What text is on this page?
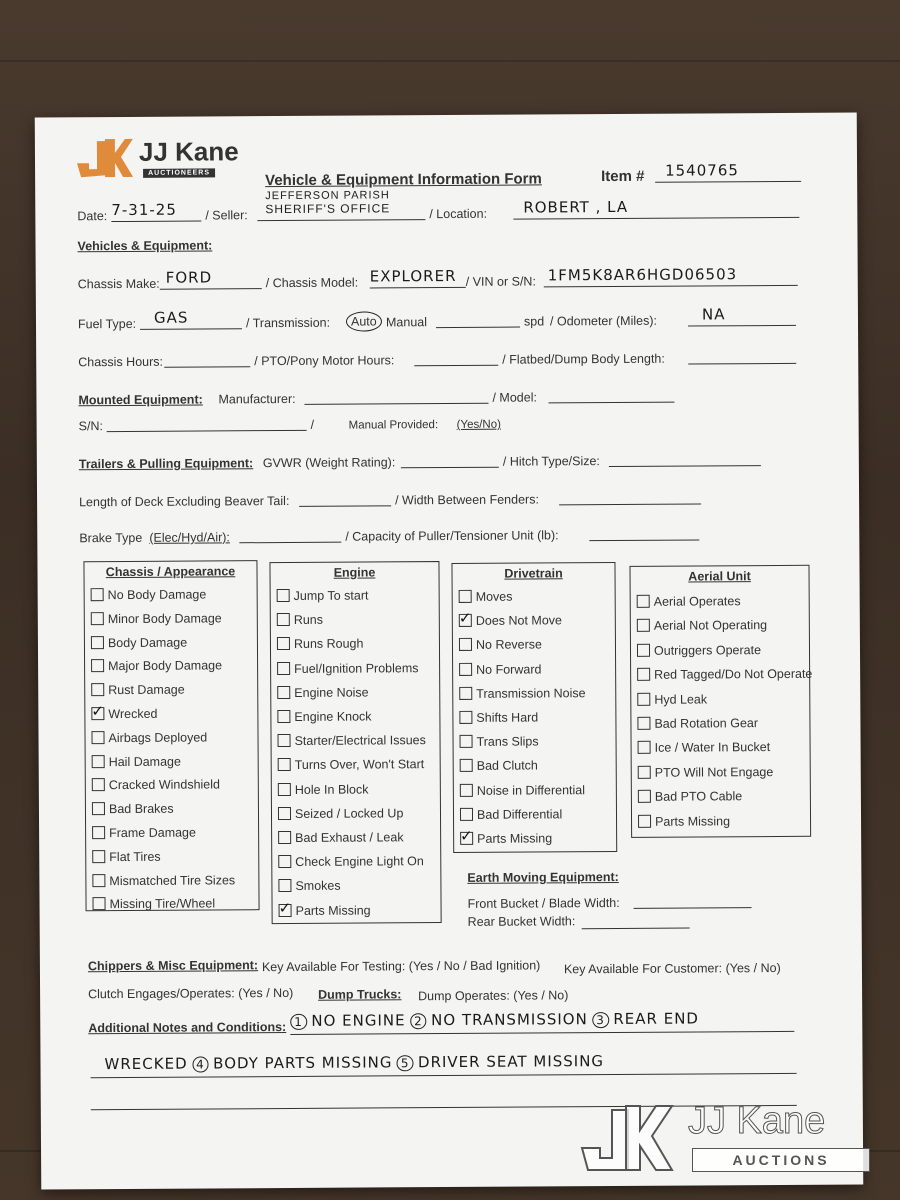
JJ Kane
AUCTIONEERS	Vehicle & Equipment Information Form	Item #	1540765
Date: 7-31-25	/ Seller:
JEFFERSON PARISH
SHERIFF'S OFFICE	/ Location:	ROBERT , LA
Vehicles & Equipment:
Chassis Make: FORD	/ Chassis Model: EXPLORER / VIN or S/N: 1FM5K8AR6HGD06503
Fuel Type:	GAS	/ Transmission:	Auto Manual	spd / Odometer (Miles):	NA
Chassis Hours:	/ PTO/Pony Motor Hours:	/ Flatbed/Dump Body Length:
Mounted Equipment: Manufacturer:	/ Model:
S/N:	/	Manual Provided: (Yes/No)
Trailers & Pulling Equipment: GVWR (Weight Rating):	/ Hitch Type/Size:
Length of Deck Excluding Beaver Tail:	/ Width Between Fenders:
Brake Type (Elec/Hyd/Air):	/ Capacity of Puller/Tensioner Unit (lb):
Chassis / Appearance
No Body Damage
Minor Body Damage
Body Damage
Major Body Damage
Rust Damage
✓Wrecked
Airbags Deployed
Hail Damage
Cracked Windshield
Bad Brakes
Frame Damage
Flat Tires
Mismatched Tire Sizes
Missing Tire/Wheel
Engine
Jump To start
Runs
Runs Rough
Fuel/Ignition Problems
Engine Noise
Engine Knock
Starter/Electrical Issues
Turns Over, Won't Start
Hole In Block
Seized / Locked Up
Bad Exhaust / Leak
Check Engine Light On
Smokes
✓Parts Missing
Drivetrain
Moves
✓Does Not Move
No Reverse
No Forward
Transmission Noise
Shifts Hard
Trans Slips
Bad Clutch
Noise in Differential
Bad Differential
✓Parts Missing
Aerial Unit
Aerial Operates
Aerial Not Operating
Outriggers Operate
Red Tagged/Do Not Operate
Hyd Leak
Bad Rotation Gear
Ice / Water In Bucket
PTO Will Not Engage
Bad PTO Cable
Parts Missing
Earth Moving Equipment:
Front Bucket / Blade Width:
Rear Bucket Width:
Chippers & Misc Equipment: Key Available For Testing: (Yes / No / Bad Ignition) Key Available For Customer: (Yes / No)
Clutch Engages/Operates: (Yes / No) Dump Trucks: Dump Operates: (Yes / No)
Additional Notes and Conditions: 1 NO ENGINE 2 NO TRANSMISSION 3 REAR END
WRECKED 4 BODY PARTS MISSING 5 DRIVER SEAT MISSING
JJ Kane
AUCTIONS
